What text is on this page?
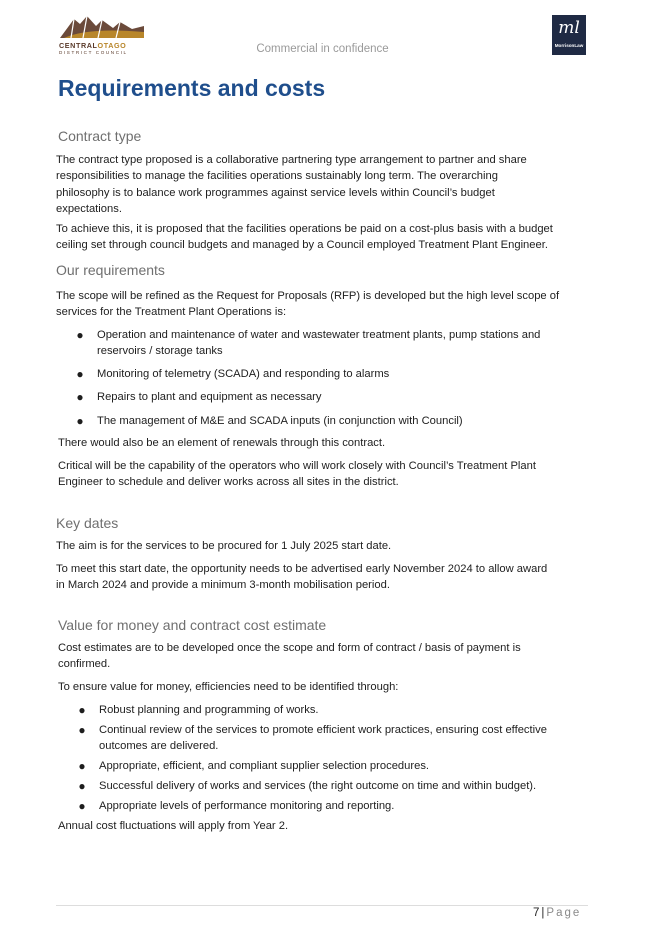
CENTRALOTAGO
DISTRICT COUNCIL	Commercial in confidence
ml
MorrisonLaw
Requirements and costs
Contract type
The contract type proposed is a collaborative partnering type arrangement to partner and share
responsibilities to manage the facilities operations sustainably long term. The overarching
philosophy is to balance work programmes against service levels within Council’s budget
expectations.
To achieve this, it is proposed that the facilities operations be paid on a cost-plus basis with a budget
ceiling set through council budgets and managed by a Council employed Treatment Plant Engineer.
Our requirements
The scope will be refined as the Request for Proposals (RFP) is developed but the high level scope of
services for the Treatment Plant Operations is:
● Operation and maintenance of water and wastewater treatment plants, pump stations and
reservoirs / storage tanks
● Monitoring of telemetry (SCADA) and responding to alarms
● Repairs to plant and equipment as necessary
● The management of M&E and SCADA inputs (in conjunction with Council)
There would also be an element of renewals through this contract.
Critical will be the capability of the operators who will work closely with Council’s Treatment Plant
Engineer to schedule and deliver works across all sites in the district.
Key dates
The aim is for the services to be procured for 1 July 2025 start date.
To meet this start date, the opportunity needs to be advertised early November 2024 to allow award
in March 2024 and provide a minimum 3-month mobilisation period.
Value for money and contract cost estimate
Cost estimates are to be developed once the scope and form of contract / basis of payment is
confirmed.
To ensure value for money, efficiencies need to be identified through:
● Robust planning and programming of works.
● Continual review of the services to promote efficient work practices, ensuring cost effective
outcomes are delivered.
● Appropriate, efficient, and compliant supplier selection procedures.
● Successful delivery of works and services (the right outcome on time and within budget).
● Appropriate levels of performance monitoring and reporting.
Annual cost fluctuations will apply from Year 2.
7 | Page
